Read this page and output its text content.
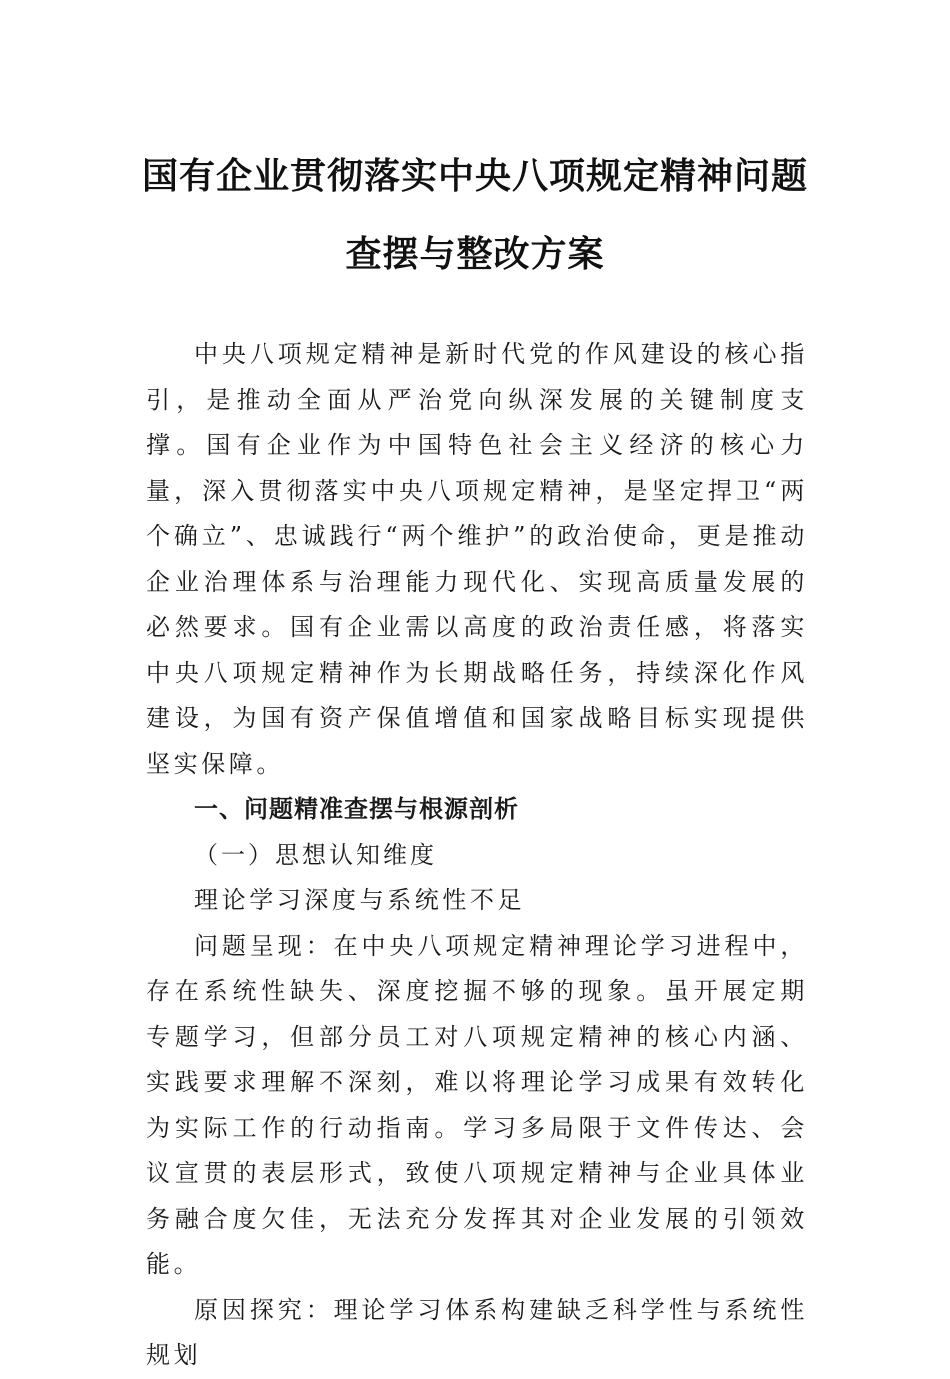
国有企业贯彻落实中央八项规定精神问题
查摆与整改方案

中央八项规定精神是新时代党的作风建设的核心指引，是推动全面从严治党向纵深发展的关键制度支撑。国有企业作为中国特色社会主义经济的核心力量，深入贯彻落实中央八项规定精神，是坚定捍卫“两个确立”、忠诚践行“两个维护”的政治使命，更是推动企业治理体系与治理能力现代化、实现高质量发展的必然要求。国有企业需以高度的政治责任感，将落实中央八项规定精神作为长期战略任务，持续深化作风建设，为国有资产保值增值和国家战略目标实现提供坚实保障。

一、问题精准查摆与根源剖析

（一）思想认知维度

理论学习深度与系统性不足

问题呈现：在中央八项规定精神理论学习进程中，存在系统性缺失、深度挖掘不够的现象。虽开展定期专题学习，但部分员工对八项规定精神的核心内涵、实践要求理解不深刻，难以将理论学习成果有效转化为实际工作的行动指南。学习多局限于文件传达、会议宣贯的表层形式，致使八项规定精神与企业具体业务融合度欠佳，无法充分发挥其对企业发展的引领效能。

原因探究：理论学习体系构建缺乏科学性与系统性规划
